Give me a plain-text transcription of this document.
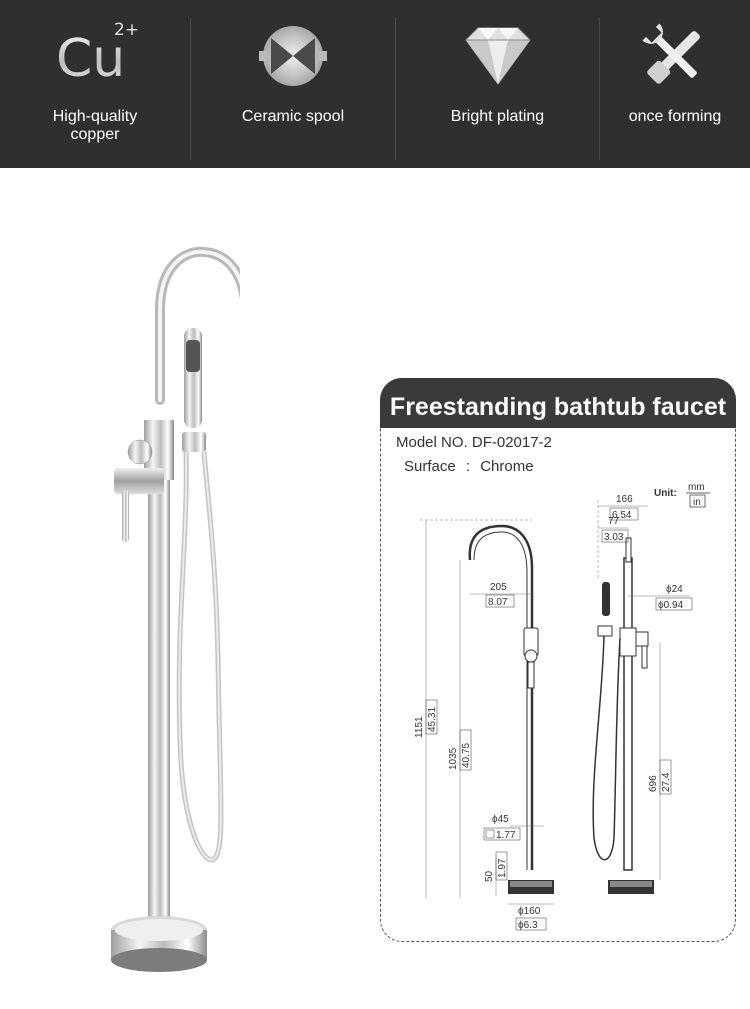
Cu
2+
High-quality
copper
Ceramic spool	Bright plating	once forming
Freestanding bathtub faucet
Model NO. DF-02017-2
Surface : Chrome
Unit:
mm
in
1151 45.31
1035 40.75
205
8.07
ϕ45
1.77
50 1.97
ϕ160
ϕ6.3
166
6.54
77
3.03
ϕ24
ϕ0.94
696 27.4
